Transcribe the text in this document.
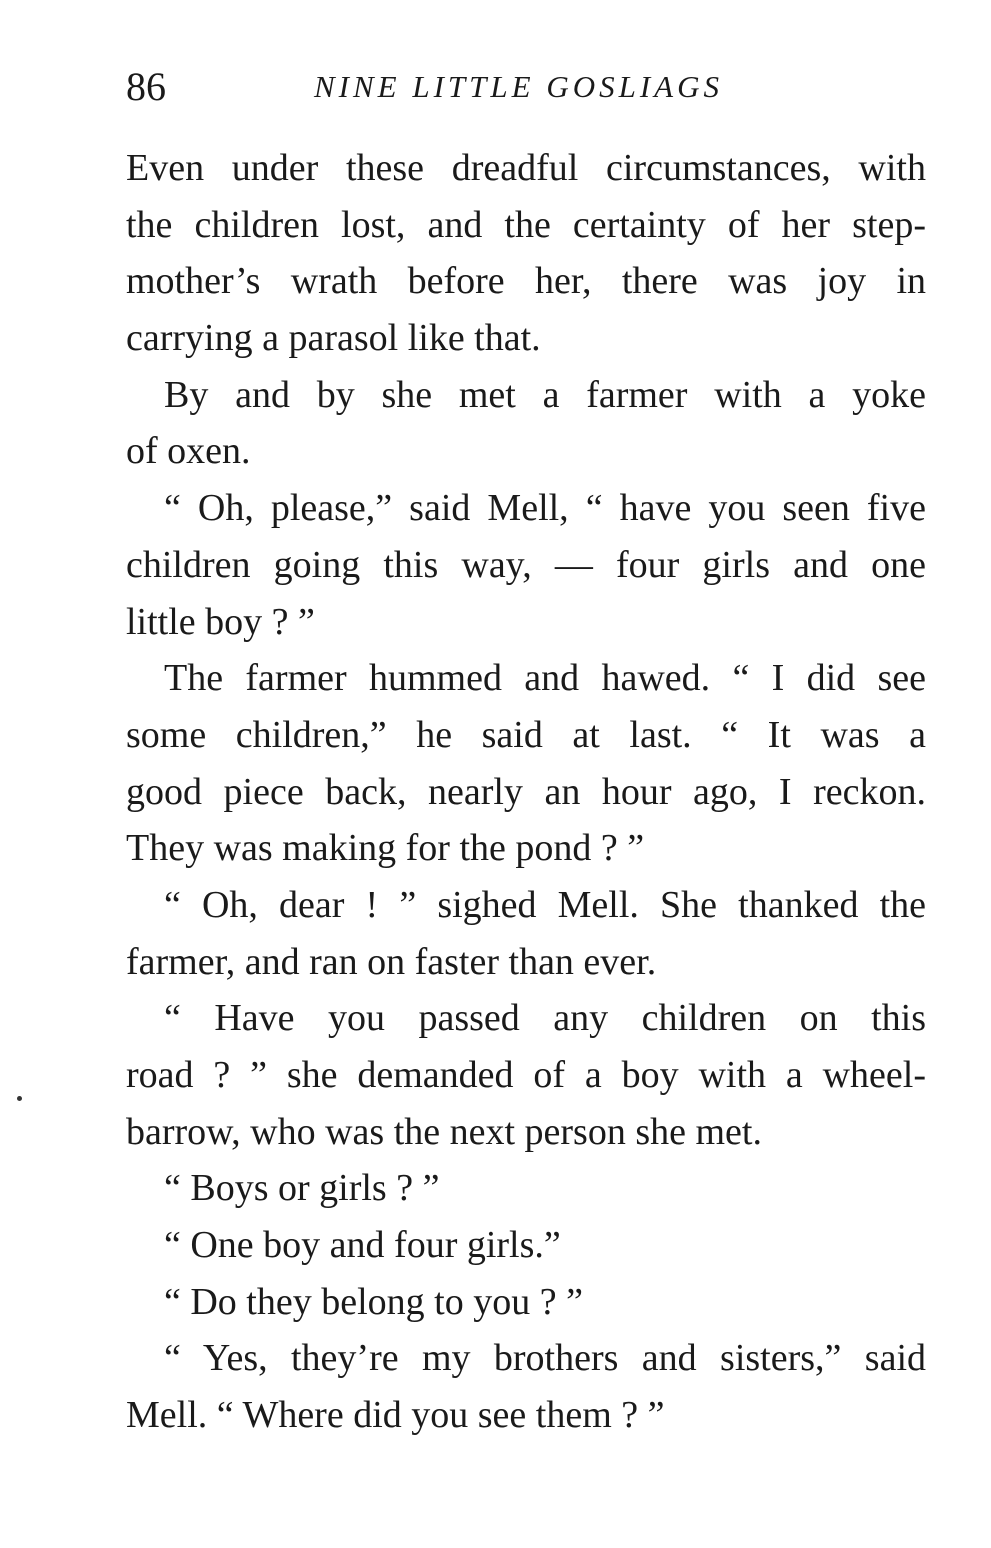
86	NINE LITTLE GOSLIAGS
Even under these dreadful circumstances, with
the children lost, and the certainty of her step-
mother’s wrath before her, there was joy in
carrying a parasol like that.
By and by she met a farmer with a yoke
of oxen.
“ Oh, please,” said Mell, “ have you seen five
children going this way, — four girls and one
little boy ? ”
The farmer hummed and hawed. “ I did see
some children,” he said at last. “ It was a
good piece back, nearly an hour ago, I reckon.
They was making for the pond ? ”
“ Oh, dear ! ” sighed Mell. She thanked the
farmer, and ran on faster than ever.
“ Have you passed any children on this
road ? ” she demanded of a boy with a wheel-
barrow, who was the next person she met.
“ Boys or girls ? ”
“ One boy and four girls.”
“ Do they belong to you ? ”
“ Yes, they’re my brothers and sisters,” said
Mell. “ Where did you see them ? ”
